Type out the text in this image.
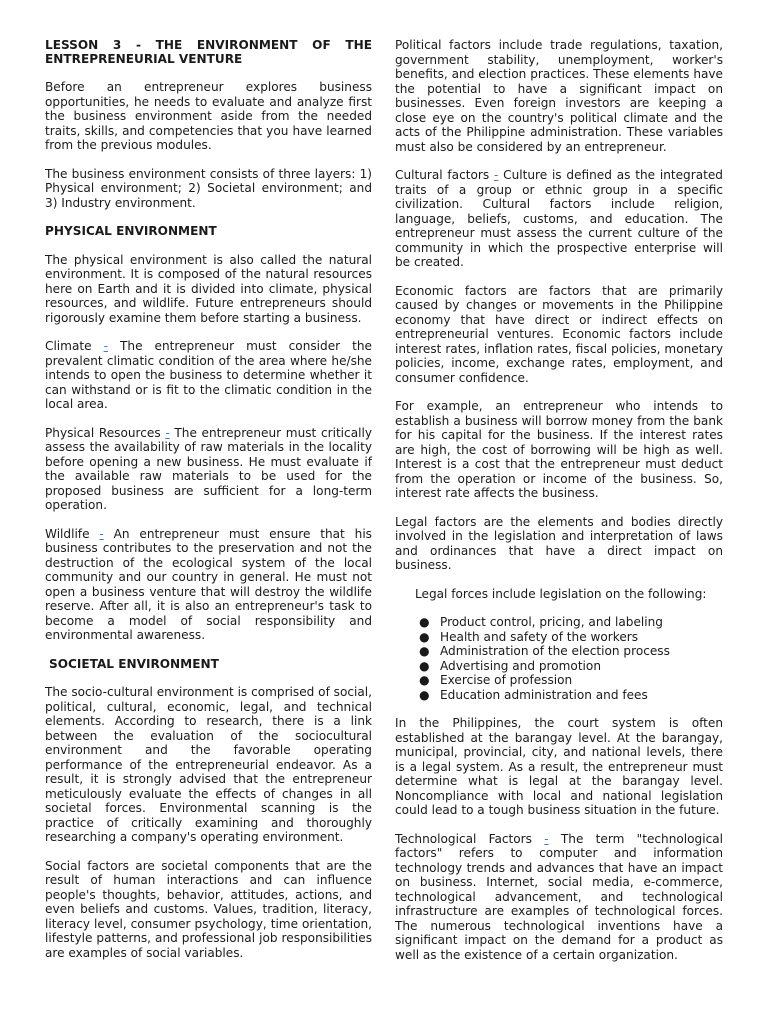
LESSON 3 - THE ENVIRONMENT OF THE ENTREPRENEURIAL VENTURE

Before an entrepreneur explores business opportunities, he needs to evaluate and analyze first the business environment aside from the needed traits, skills, and competencies that you have learned from the previous modules.

The business environment consists of three layers: 1) Physical environment; 2) Societal environment; and 3) Industry environment.

PHYSICAL ENVIRONMENT

The physical environment is also called the natural environment. It is composed of the natural resources here on Earth and it is divided into climate, physical resources, and wildlife. Future entrepreneurs should rigorously examine them before starting a business.

Climate - The entrepreneur must consider the prevalent climatic condition of the area where he/she intends to open the business to determine whether it can withstand or is fit to the climatic condition in the local area.

Physical Resources - The entrepreneur must critically assess the availability of raw materials in the locality before opening a new business. He must evaluate if the available raw materials to be used for the proposed business are sufficient for a long-term operation.

Wildlife - An entrepreneur must ensure that his business contributes to the preservation and not the destruction of the ecological system of the local community and our country in general. He must not open a business venture that will destroy the wildlife reserve. After all, it is also an entrepreneur's task to become a model of social responsibility and environmental awareness.

SOCIETAL ENVIRONMENT

The socio-cultural environment is comprised of social, political, cultural, economic, legal, and technical elements. According to research, there is a link between the evaluation of the sociocultural environment and the favorable operating performance of the entrepreneurial endeavor. As a result, it is strongly advised that the entrepreneur meticulously evaluate the effects of changes in all societal forces. Environmental scanning is the practice of critically examining and thoroughly researching a company's operating environment.

Social factors are societal components that are the result of human interactions and can influence people's thoughts, behavior, attitudes, actions, and even beliefs and customs. Values, tradition, literacy, literacy level, consumer psychology, time orientation, lifestyle patterns, and professional job responsibilities are examples of social variables.

Political factors include trade regulations, taxation, government stability, unemployment, worker's benefits, and election practices. These elements have the potential to have a significant impact on businesses. Even foreign investors are keeping a close eye on the country's political climate and the acts of the Philippine administration. These variables must also be considered by an entrepreneur.

Cultural factors - Culture is defined as the integrated traits of a group or ethnic group in a specific civilization. Cultural factors include religion, language, beliefs, customs, and education. The entrepreneur must assess the current culture of the community in which the prospective enterprise will be created.

Economic factors are factors that are primarily caused by changes or movements in the Philippine economy that have direct or indirect effects on entrepreneurial ventures. Economic factors include interest rates, inflation rates, fiscal policies, monetary policies, income, exchange rates, employment, and consumer confidence.

For example, an entrepreneur who intends to establish a business will borrow money from the bank for his capital for the business. If the interest rates are high, the cost of borrowing will be high as well. Interest is a cost that the entrepreneur must deduct from the operation or income of the business. So, interest rate affects the business.

Legal factors are the elements and bodies directly involved in the legislation and interpretation of laws and ordinances that have a direct impact on business.

Legal forces include legislation on the following:

● Product control, pricing, and labeling
● Health and safety of the workers
● Administration of the election process
● Advertising and promotion
● Exercise of profession
● Education administration and fees

In the Philippines, the court system is often established at the barangay level. At the barangay, municipal, provincial, city, and national levels, there is a legal system. As a result, the entrepreneur must determine what is legal at the barangay level. Noncompliance with local and national legislation could lead to a tough business situation in the future.

Technological Factors - The term "technological factors" refers to computer and information technology trends and advances that have an impact on business. Internet, social media, e-commerce, technological advancement, and technological infrastructure are examples of technological forces. The numerous technological inventions have a significant impact on the demand for a product as well as the existence of a certain organization.
